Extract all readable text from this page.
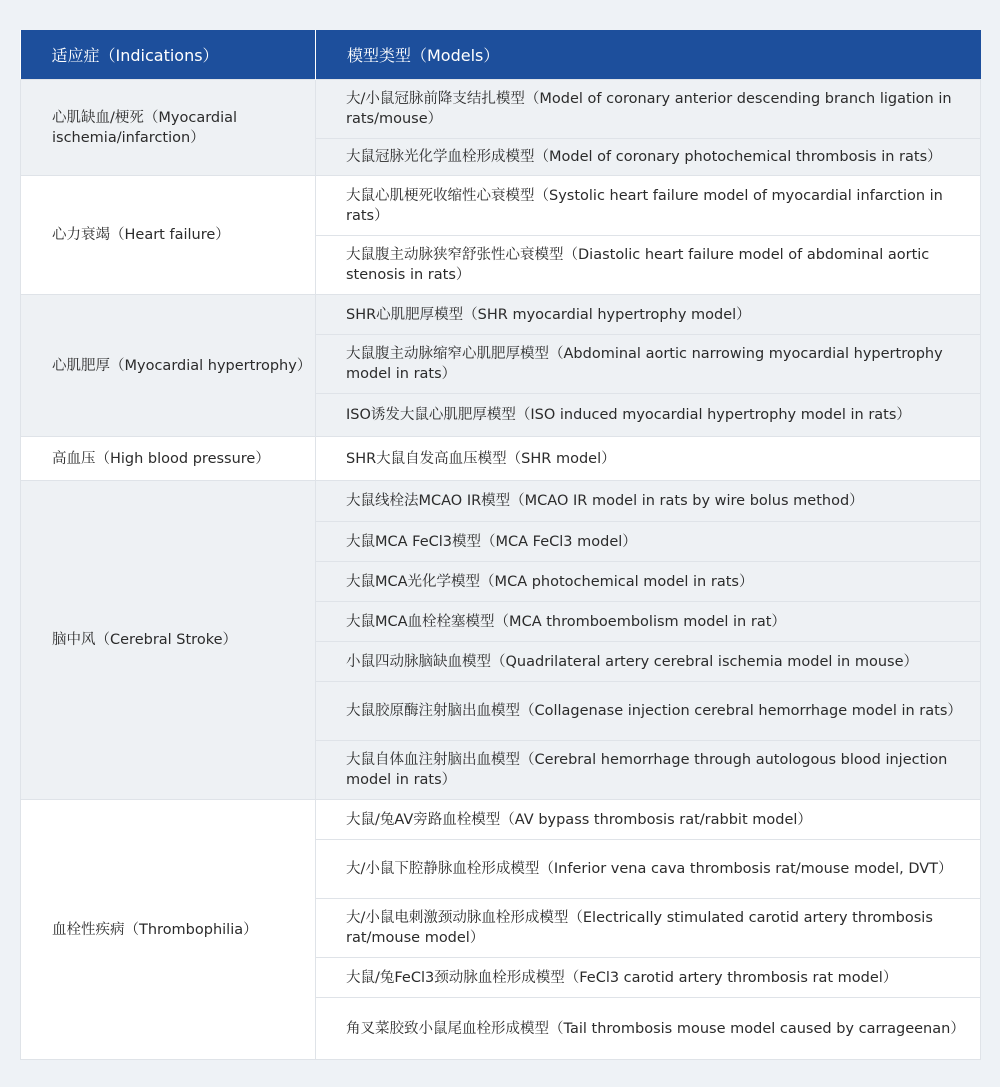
适应症（Indications）	模型类型（Models）
心肌缺血/梗死（Myocardial ischemia/infarction）	大/小鼠冠脉前降支结扎模型（Model of coronary anterior descending branch ligation in rats/mouse）
	大鼠冠脉光化学血栓形成模型（Model of coronary photochemical thrombosis in rats）
心力衰竭（Heart failure）	大鼠心肌梗死收缩性心衰模型（Systolic heart failure model of myocardial infarction in rats）
	大鼠腹主动脉狭窄舒张性心衰模型（Diastolic heart failure model of abdominal aortic stenosis in rats）
心肌肥厚（Myocardial hypertrophy）	SHR心肌肥厚模型（SHR myocardial hypertrophy model）
	大鼠腹主动脉缩窄心肌肥厚模型（Abdominal aortic narrowing myocardial hypertrophy model in rats）
	ISO诱发大鼠心肌肥厚模型（ISO induced myocardial hypertrophy model in rats）
高血压（High blood pressure）	SHR大鼠自发高血压模型（SHR model）
脑中风（Cerebral Stroke）	大鼠线栓法MCAO IR模型（MCAO IR model in rats by wire bolus method）
	大鼠MCA FeCl3模型（MCA FeCl3 model）
	大鼠MCA光化学模型（MCA photochemical model in rats）
	大鼠MCA血栓栓塞模型（MCA thromboembolism model in rat）
	小鼠四动脉脑缺血模型（Quadrilateral artery cerebral ischemia model in mouse）
	大鼠胶原酶注射脑出血模型（Collagenase injection cerebral hemorrhage model in rats）
	大鼠自体血注射脑出血模型（Cerebral hemorrhage through autologous blood injection model in rats）
血栓性疾病（Thrombophilia）	大鼠/兔AV旁路血栓模型（AV bypass thrombosis rat/rabbit model）
	大/小鼠下腔静脉血栓形成模型（Inferior vena cava thrombosis rat/mouse model, DVT）
	大/小鼠电刺激颈动脉血栓形成模型（Electrically stimulated carotid artery thrombosis rat/mouse model）
	大鼠/兔FeCl3颈动脉血栓形成模型（FeCl3 carotid artery thrombosis rat model）
	角叉菜胶致小鼠尾血栓形成模型（Tail thrombosis mouse model caused by carrageenan）
